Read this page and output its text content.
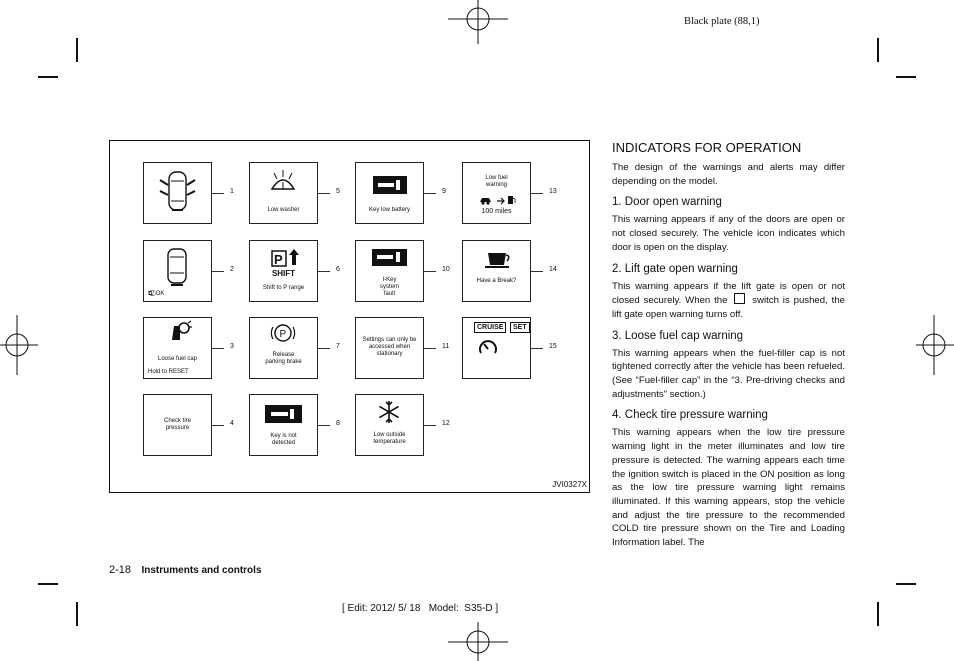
Black plate (88,1)
⧉/⃝ OK
Loose fuel cap
Hold to RESET
Check tire pressure
Low washer
P
SHIFT
Shift to P range
P
Release parking brake
Key is not detected
Key low battery
I-Key system fault
Settings can only be accessed when stationary
Low outside temperature
Low fuel warning
100 miles
Have a Break?
CRUISE	SET
1
2
3
4
5
6
7
8
9
10
11
12
13
14
15
JVI0327X
INDICATORS FOR OPERATION

The design of the warnings and alerts may differ depending on the model.

1. Door open warning

This warning appears if any of the doors are open or not closed securely. The vehicle icon indicates which door is open on the display.

2. Lift gate open warning

This warning appears if the lift gate is open or not closed securely. When the	switch is pushed, the lift gate open warning turns off.

3. Loose fuel cap warning

This warning appears when the fuel-filler cap is not tightened correctly after the vehicle has been refueled. (See “Fuel-filler cap” in the “3. Pre-driving checks and adjustments” section.)

4. Check tire pressure warning

This warning appears when the low tire pressure warning light in the meter illuminates and low tire pressure is detected. The warning appears each time the ignition switch is placed in the ON position as long as the low tire pressure warning light remains illuminated. If this warning appears, stop the vehicle and adjust the tire pressure to the recommended COLD tire pressure shown on the Tire and Loading Information label. The

2-18 Instruments and controls
[ Edit: 2012/ 5/ 18   Model:  S35-D ]
